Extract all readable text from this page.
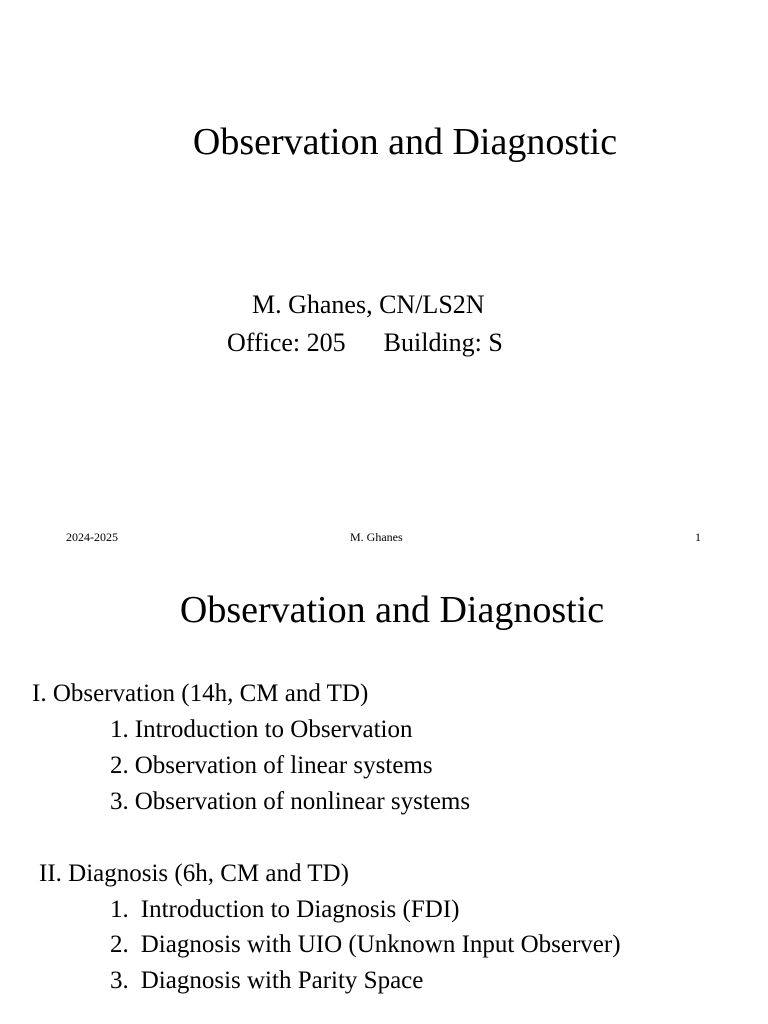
Observation and Diagnostic
M. Ghanes, CN/LS2N
Office: 205 Building: S
2024-2025	M. Ghanes	1
Observation and Diagnostic
I. Observation (14h, CM and TD)
1. Introduction to Observation
2. Observation of linear systems
3. Observation of nonlinear systems
II. Diagnosis (6h, CM and TD)
1. Introduction to Diagnosis (FDI)
2. Diagnosis with UIO (Unknown Input Observer)
3. Diagnosis with Parity Space
